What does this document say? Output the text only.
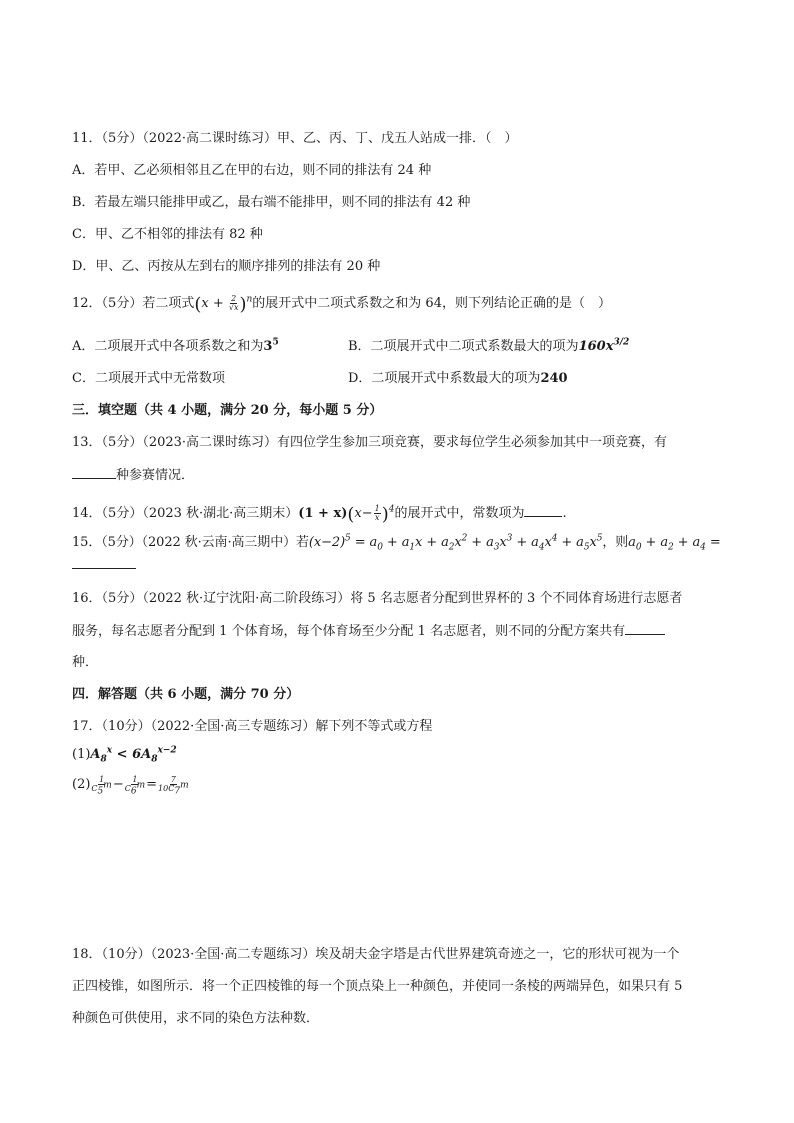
11．（5分）（2022·高二课时练习）甲、乙、丙、丁、戊五人站成一排．（　）
A．若甲、乙必须相邻且乙在甲的右边，则不同的排法有 24 种
B．若最左端只能排甲或乙，最右端不能排甲，则不同的排法有 42 种
C．甲、乙不相邻的排法有 82 种
D．甲、乙、丙按从左到右的顺序排列的排法有 20 种
12．（5分）若二项式$(x + \frac{2}{√x} )^n$的展开式中二项式系数之和为 64，则下列结论正确的是（　）
A．二项展开式中各项系数之和为$3^5$	B．二项展开式中二项式系数最大的项为$160x^{3/2}$
C．二项展开式中无常数项	D．二项展开式中系数最大的项为240
三．填空题（共 4 小题，满分 20 分，每小题 5 分）
13．（5分）（2023·高二课时练习）有四位学生参加三项竞赛，要求每位学生必须参加其中一项竞赛，有
种参赛情况．
14．（5分）（2023 秋·湖北·高三期末）$(1 + x)(x- \frac{1}{x} )^4$的展开式中，常数项为	.
15．（5分）（2022 秋·云南·高三期中）若$(x-2)^5 = a_0 + a_1x + a_2x^2 + a_3x^3 + a_4x^4 + a_5x^5$，则$a_0 + a_2 + a_4$ =
16．（5分）（2022 秋·辽宁沈阳·高二阶段练习）将 5 名志愿者分配到世界杯的 3 个不同体育场进行志愿者
服务，每名志愿者分配到 1 个体育场，每个体育场至少分配 1 名志愿者，则不同的分配方案共有
种．
四．解答题（共 6 小题，满分 70 分）
17．（10分）（2022·全国·高三专题练习）解下列不等式或方程
$(1)A_8^x < 6A_8^{x-2}$
$(2) \frac{1}{C_5^m} - \frac{1}{C_6^m} = \frac{7}{10C_7^m}$
18．（10分）（2023·全国·高二专题练习）埃及胡夫金字塔是古代世界建筑奇迹之一，它的形状可视为一个
正四棱锥，如图所示．将一个正四棱锥的每一个顶点染上一种颜色，并使同一条棱的两端异色，如果只有 5
种颜色可供使用，求不同的染色方法种数．
